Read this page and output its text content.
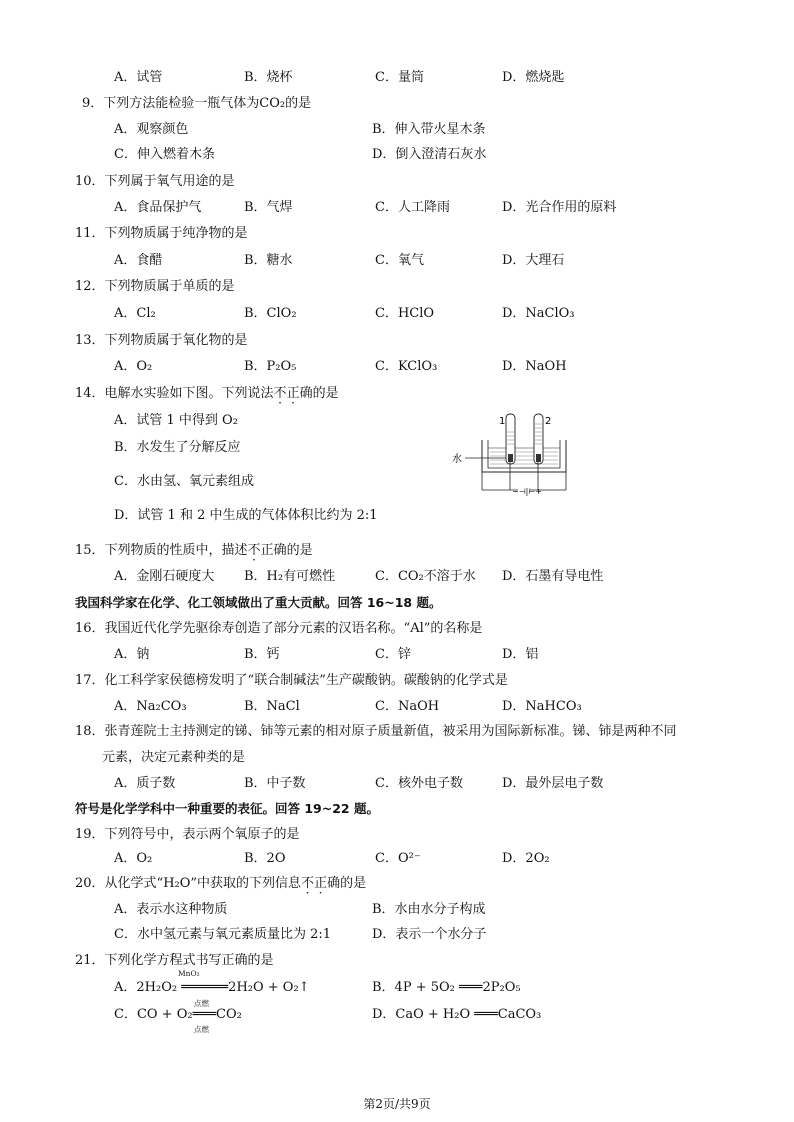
A．试管	B．烧杯	C．量筒	D．燃烧匙
9．下列方法能检验一瓶气体为CO₂的是
A．观察颜色	B．伸入带火星木条
C．伸入燃着木条	D．倒入澄清石灰水
10．下列属于氧气用途的是
A．食品保护气	B．气焊	C．人工降雨	D．光合作用的原料
11．下列物质属于纯净物的是
A．食醋	B．糖水	C．氧气	D．大理石
12．下列物质属于单质的是
A．Cl₂	B．ClO₂	C．HClO	D．NaClO₃
13．下列物质属于氧化物的是
A．O₂	B．P₂O₅	C．KClO₃	D．NaOH
14．电解水实验如下图。下列说法不正确的是
A．试管 1 中得到 O₂
B．水发生了分解反应
C．水由氢、氧元素组成
D．试管 1 和 2 中生成的气体体积比约为 2:1
水
1	2
−⊣|⊢+
15．下列物质的性质中，描述不正确的是
A．金刚石硬度大 B．H₂有可燃性	C．CO₂不溶于水 D．石墨有导电性
我国科学家在化学、化工领域做出了重大贡献。回答 16~18 题。
16．我国近代化学先驱徐寿创造了部分元素的汉语名称。“Al”的名称是
A．钠	B．钙	C．锌	D．铝
17．化工科学家侯德榜发明了“联合制碱法”生产碳酸钠。碳酸钠的化学式是
A．Na₂CO₃	B．NaCl	C．NaOH	D．NaHCO₃
18．张青莲院士主持测定的锑、铈等元素的相对原子质量新值，被采用为国际新标准。锑、铈是两种不同
元素，决定元素种类的是
A．质子数	B．中子数	C．核外电子数	D．最外层电子数
符号是化学学科中一种重要的表征。回答 19~22 题。
19．下列符号中，表示两个氧原子的是
A．O₂	B．2O	C．O²⁻	D．2O₂
20．从化学式“H₂O”中获取的下列信息不正确的是
A．表示水这种物质	B．水由水分子构成
C．水中氢元素与氧元素质量比为 2:1	D．表示一个水分子
21．下列化学方程式书写正确的是
MnO₂
A．2H₂O₂ ══════2H₂O + O₂↑	B．4P + 5O₂ ═══2P₂O₅
点燃
C．CO + O₂═══CO₂
点燃
D．CaO + H₂O ═══CaCO₃
第2页/共9页
